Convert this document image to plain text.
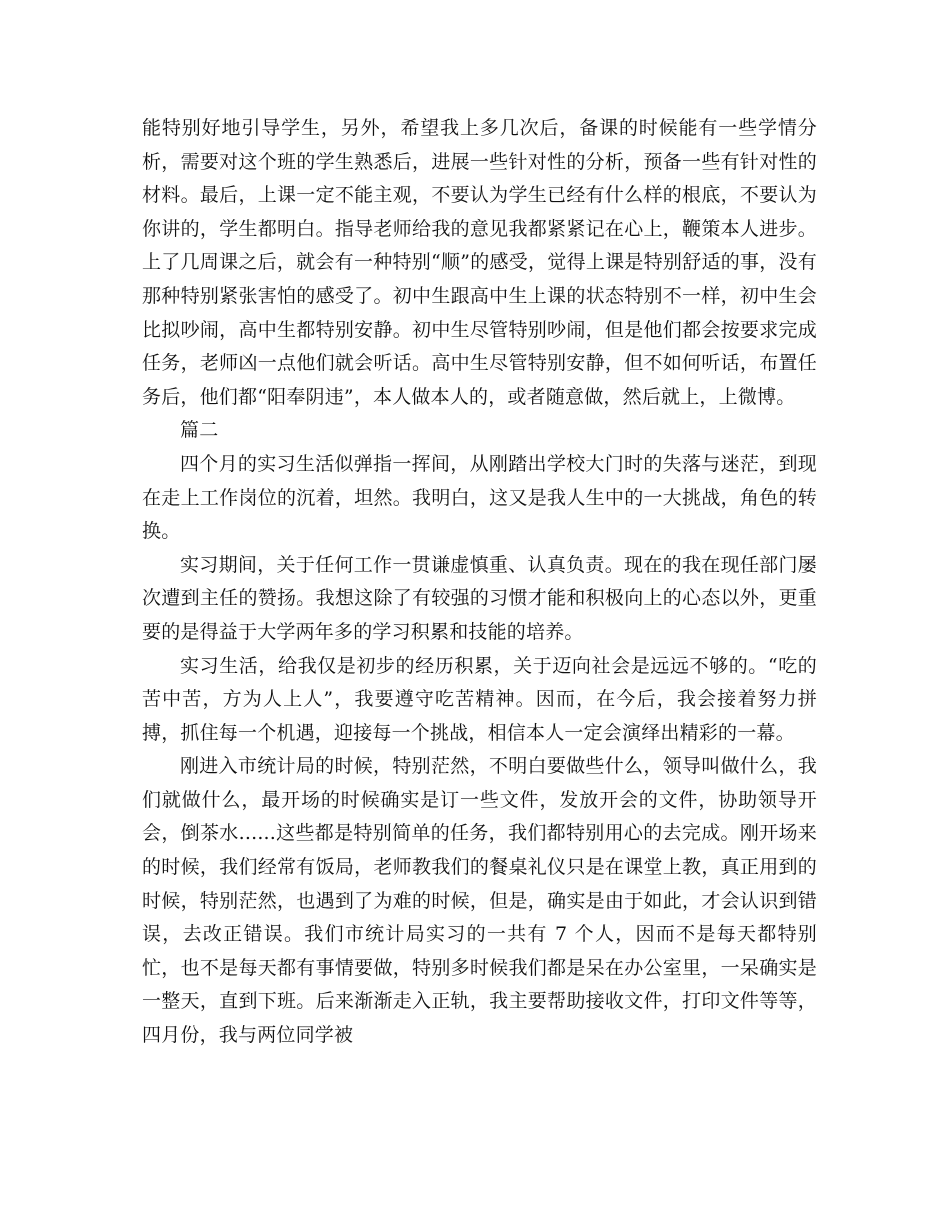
能特别好地引导学生，另外，希望我上多几次后，备课的时候能有一些学情分析，需要对这个班的学生熟悉后，进展一些针对性的分析，预备一些有针对性的材料。最后，上课一定不能主观，不要认为学生已经有什么样的根底，不要认为你讲的，学生都明白。指导老师给我的意见我都紧紧记在心上，鞭策本人进步。上了几周课之后，就会有一种特别“顺”的感受，觉得上课是特别舒适的事，没有那种特别紧张害怕的感受了。初中生跟高中生上课的状态特别不一样，初中生会比拟吵闹，高中生都特别安静。初中生尽管特别吵闹，但是他们都会按要求完成任务，老师凶一点他们就会听话。高中生尽管特别安静，但不如何听话，布置任务后，他们都“阳奉阴违”，本人做本人的，或者随意做，然后就上，上微博。

篇二

四个月的实习生活似弹指一挥间，从刚踏出学校大门时的失落与迷茫，到现在走上工作岗位的沉着，坦然。我明白，这又是我人生中的一大挑战，角色的转换。

实习期间，关于任何工作一贯谦虚慎重、认真负责。现在的我在现任部门屡次遭到主任的赞扬。我想这除了有较强的习惯才能和积极向上的心态以外，更重要的是得益于大学两年多的学习积累和技能的培养。

实习生活，给我仅是初步的经历积累，关于迈向社会是远远不够的。“吃的苦中苦，方为人上人”，我要遵守吃苦精神。因而，在今后，我会接着努力拼搏，抓住每一个机遇，迎接每一个挑战，相信本人一定会演绎出精彩的一幕。

刚进入市统计局的时候，特别茫然，不明白要做些什么，领导叫做什么，我们就做什么，最开场的时候确实是订一些文件，发放开会的文件，协助领导开会，倒茶水......这些都是特别简单的任务，我们都特别用心的去完成。刚开场来的时候，我们经常有饭局，老师教我们的餐桌礼仪只是在课堂上教，真正用到的时候，特别茫然，也遇到了为难的时候，但是，确实是由于如此，才会认识到错误，去改正错误。我们市统计局实习的一共有 7 个人，因而不是每天都特别忙，也不是每天都有事情要做，特别多时候我们都是呆在办公室里，一呆确实是一整天，直到下班。后来渐渐走入正轨，我主要帮助接收文件，打印文件等等，四月份，我与两位同学被
